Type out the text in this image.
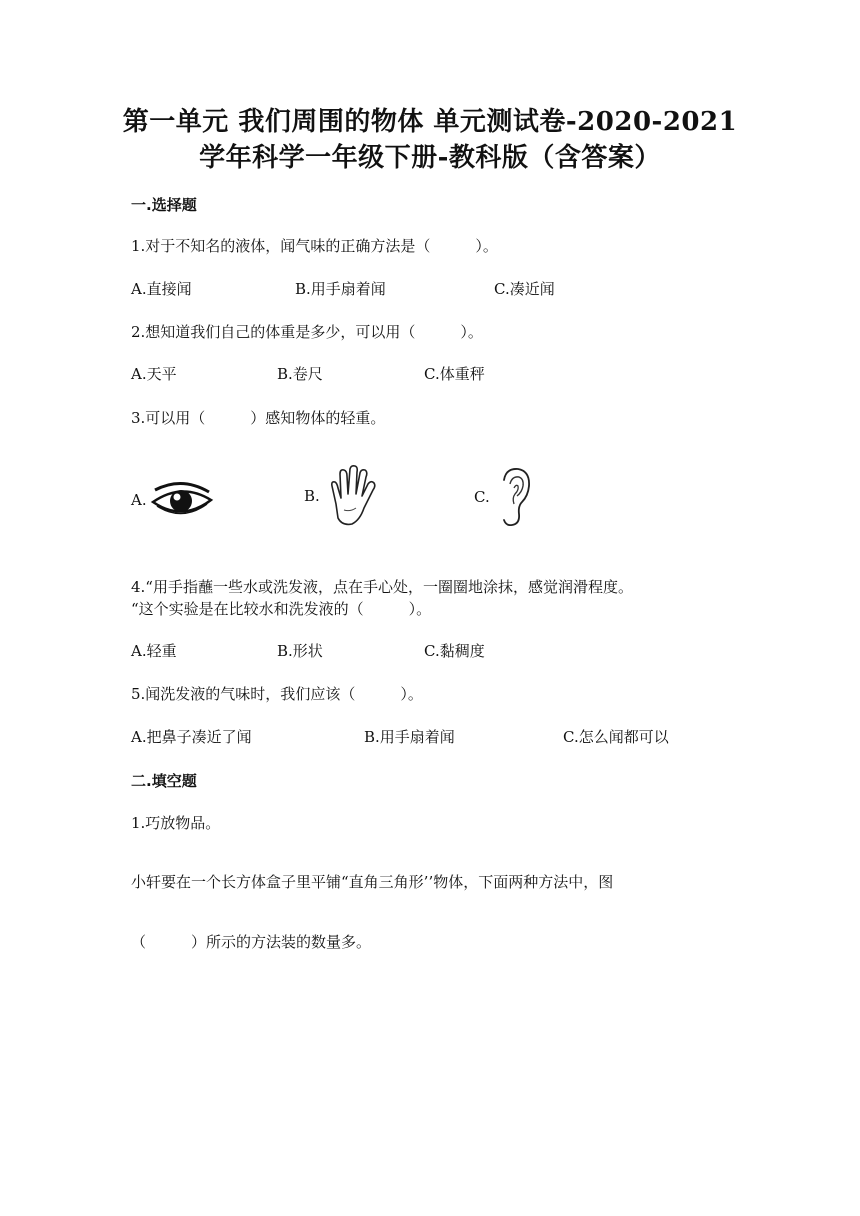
第一单元 我们周围的物体 单元测试卷-2020-2021
学年科学一年级下册-教科版（含答案）
一.选择题
1.对于不知名的液体，闻气味的正确方法是（　　　）。
A.直接闻	B.用手扇着闻	C.凑近闻
2.想知道我们自己的体重是多少，可以用（　　　）。
A.天平	B.卷尺	C.体重秤
3.可以用（　　　）感知物体的轻重。
A.	B.	C.
4.“用手指蘸一些水或洗发液，点在手心处，一圈圈地涂抹，感觉润滑程度。
“这个实验是在比较水和洗发液的（　　　）。
A.轻重	B.形状	C.黏稠度
5.闻洗发液的气味时，我们应该（　　　）。
A.把鼻子凑近了闻	B.用手扇着闻	C.怎么闻都可以
二.填空题
1.巧放物品。
小轩要在一个长方体盒子里平铺“直角三角形’’物体，下面两种方法中，图
（　　　）所示的方法装的数量多。
